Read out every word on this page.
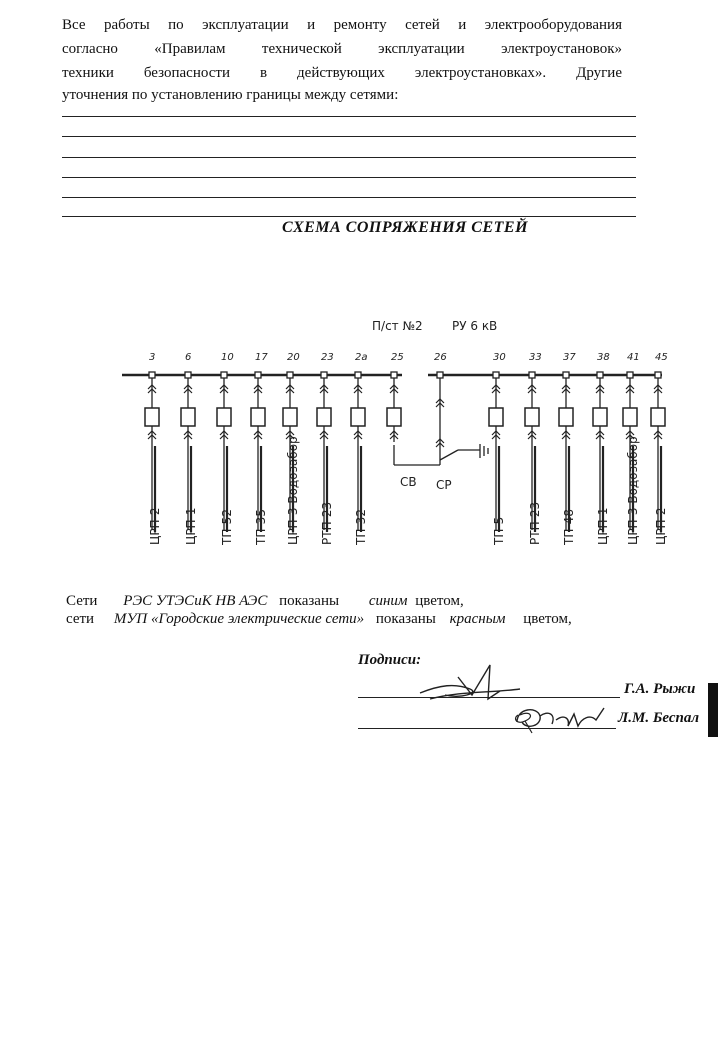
Все работы по эксплуатации и ремонту сетей и электрооборудования
согласно «Правилам технической эксплуатации электроустановок»
техники безопасности в действующих электроустановках». Другие
уточнения по установлению границы между сетями:
СХЕМА СОПРЯЖЕНИЯ СЕТЕЙ
П/ст №2 РУ 6 кВ
3
ЦРП-2
6
ЦРП-1
10
ТП-52
17
ТП-35
20
ЦРП-3 Водозабор
23
РТП-23
2а
ТП-32
25	30
ТП-5
33
РТП-23
37
ТП-48
38
ЦРП-1
41
ЦРП-3 Водозабор
45
ЦРП-2
26
СВ СР
Сети РЭС УТЭСиК НВ АЭС показаны синим цветом,
сети МУП «Городские электрические сети» показаны красным цветом,
Подписи:
Г.А. Рыжи
Л.М. Беспал
